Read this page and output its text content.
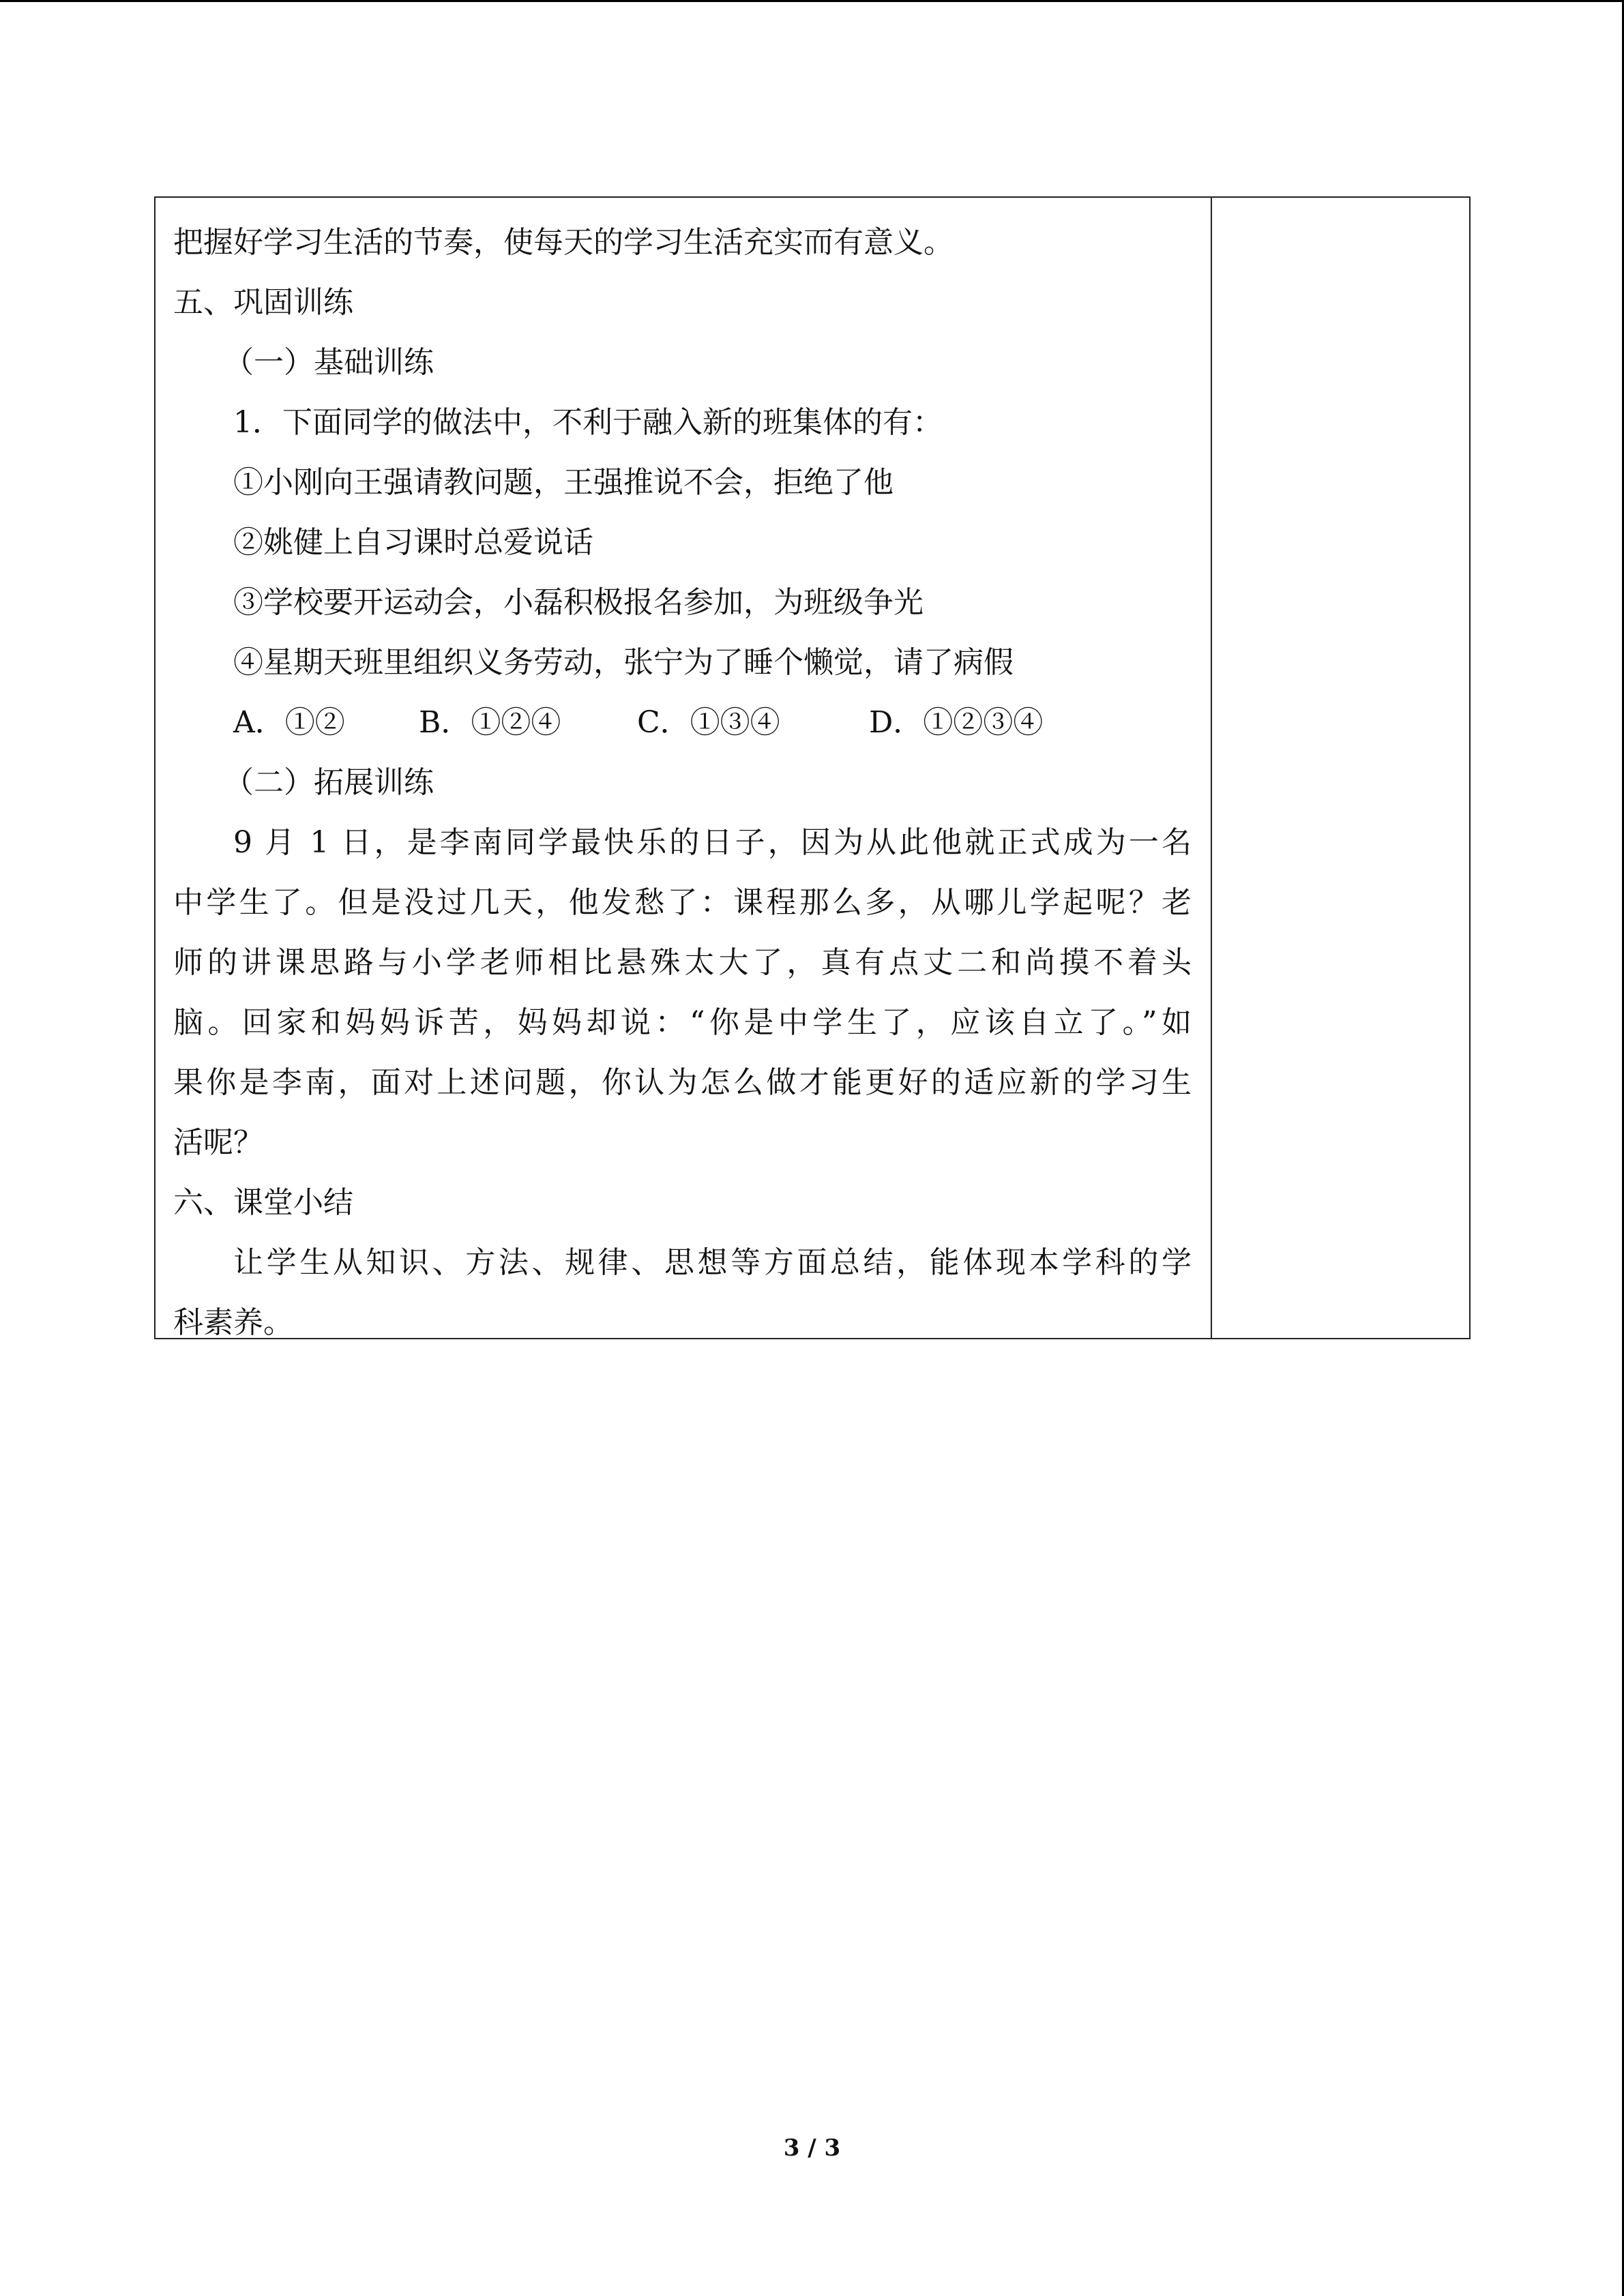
把握好学习生活的节奏，使每天的学习生活充实而有意义。
五、巩固训练
（一）基础训练
1．下面同学的做法中，不利于融入新的班集体的有：
①小刚向王强请教问题，王强推说不会，拒绝了他
②姚健上自习课时总爱说话
③学校要开运动会，小磊积极报名参加，为班级争光
④星期天班里组织义务劳动，张宁为了睡个懒觉，请了病假
A．①②	B．①②④	C．①③④	D．①②③④
（二）拓展训练
9 月 1 日，是李南同学最快乐的日子，因为从此他就正式成为一名
中学生了。但是没过几天，他发愁了：课程那么多，从哪儿学起呢？老
师的讲课思路与小学老师相比悬殊太大了，真有点丈二和尚摸不着头
脑。回家和妈妈诉苦，妈妈却说：“你是中学生了，应该自立了。”如
果你是李南，面对上述问题，你认为怎么做才能更好的适应新的学习生
活呢？
六、课堂小结
让学生从知识、方法、规律、思想等方面总结，能体现本学科的学
科素养。
3 / 3
